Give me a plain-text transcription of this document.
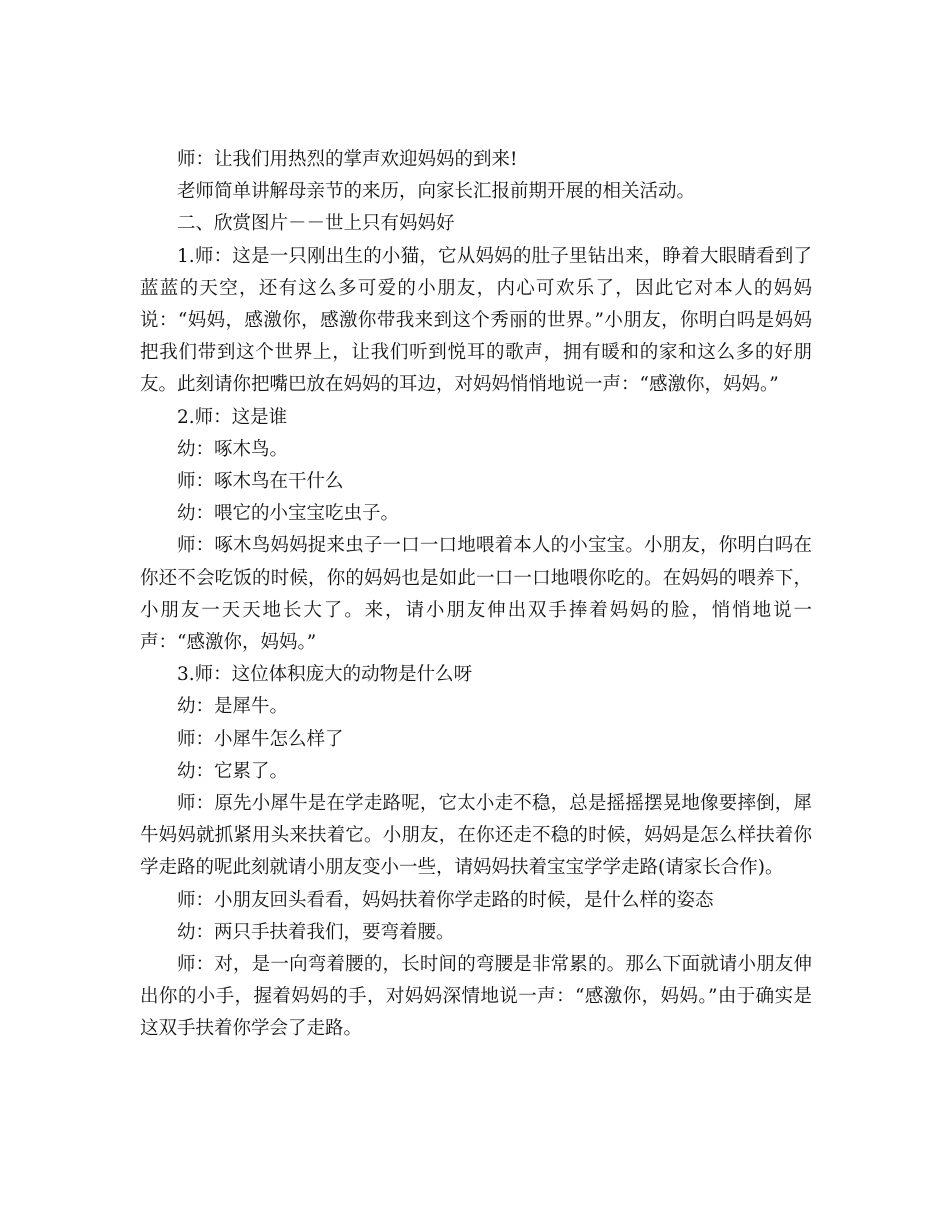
师：让我们用热烈的掌声欢迎妈妈的到来!

老师简单讲解母亲节的来历，向家长汇报前期开展的相关活动。

二、欣赏图片－－世上只有妈妈好

1.师：这是一只刚出生的小猫，它从妈妈的肚子里钻出来，睁着大眼睛看到了蓝蓝的天空，还有这么多可爱的小朋友，内心可欢乐了，因此它对本人的妈妈说：“妈妈，感激你，感激你带我来到这个秀丽的世界。”小朋友，你明白吗是妈妈把我们带到这个世界上，让我们听到悦耳的歌声，拥有暖和的家和这么多的好朋友。此刻请你把嘴巴放在妈妈的耳边，对妈妈悄悄地说一声：“感激你，妈妈。”

2.师：这是谁

幼：啄木鸟。

师：啄木鸟在干什么

幼：喂它的小宝宝吃虫子。

师：啄木鸟妈妈捉来虫子一口一口地喂着本人的小宝宝。小朋友，你明白吗在你还不会吃饭的时候，你的妈妈也是如此一口一口地喂你吃的。在妈妈的喂养下，小朋友一天天地长大了。来，请小朋友伸出双手捧着妈妈的脸，悄悄地说一声：“感激你，妈妈。”

3.师：这位体积庞大的动物是什么呀

幼：是犀牛。

师：小犀牛怎么样了

幼：它累了。

师：原先小犀牛是在学走路呢，它太小走不稳，总是摇摇摆晃地像要摔倒，犀牛妈妈就抓紧用头来扶着它。小朋友，在你还走不稳的时候，妈妈是怎么样扶着你学走路的呢此刻就请小朋友变小一些，请妈妈扶着宝宝学学走路(请家长合作)。

师：小朋友回头看看，妈妈扶着你学走路的时候，是什么样的姿态

幼：两只手扶着我们，要弯着腰。

师：对，是一向弯着腰的，长时间的弯腰是非常累的。那么下面就请小朋友伸出你的小手，握着妈妈的手，对妈妈深情地说一声：“感激你，妈妈。”由于确实是这双手扶着你学会了走路。
